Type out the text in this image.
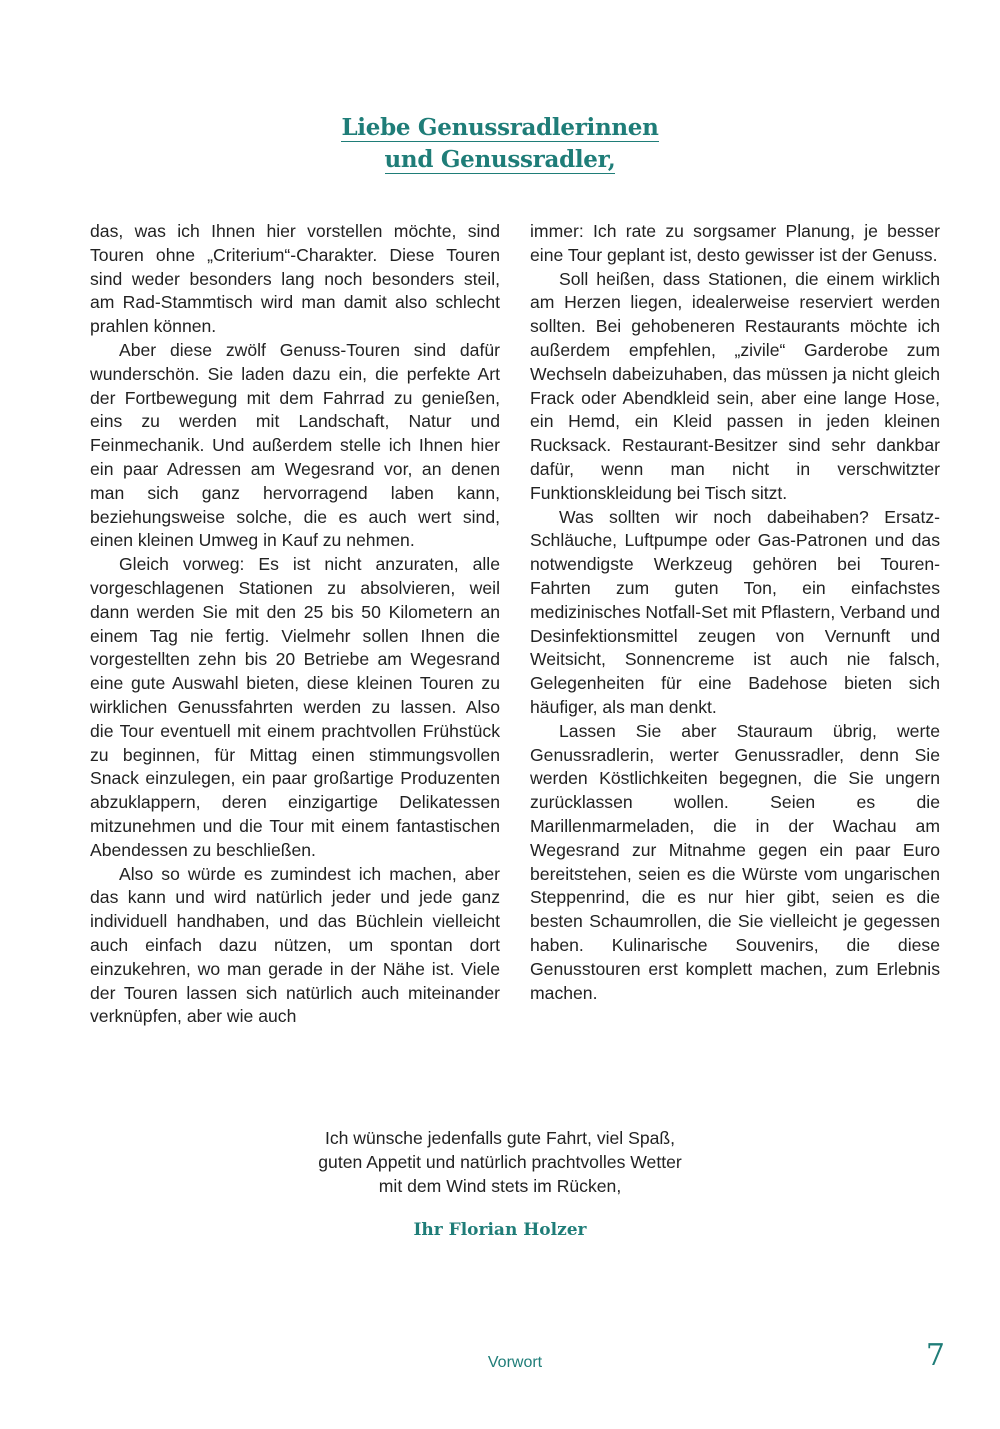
Liebe Genussradlerinnen
und Genussradler,

das, was ich Ihnen hier vorstellen möchte, sind Touren ohne „Criterium“-Charakter. Diese Touren sind weder besonders lang noch besonders steil, am Rad-Stammtisch wird man damit also schlecht prahlen können.

Aber diese zwölf Genuss-Touren sind dafür wunderschön. Sie laden dazu ein, die perfekte Art der Fortbewegung mit dem Fahrrad zu genießen, eins zu werden mit Landschaft, Natur und Feinmechanik. Und außerdem stelle ich Ihnen hier ein paar Adressen am Wegesrand vor, an denen man sich ganz hervorragend laben kann, beziehungsweise solche, die es auch wert sind, einen kleinen Umweg in Kauf zu nehmen.

Gleich vorweg: Es ist nicht anzuraten, alle vorgeschlagenen Stationen zu absolvieren, weil dann werden Sie mit den 25 bis 50 Kilometern an einem Tag nie fertig. Vielmehr sollen Ihnen die vorgestellten zehn bis 20 Betriebe am Wegesrand eine gute Auswahl bieten, diese kleinen Touren zu wirklichen Genussfahrten werden zu lassen. Also die Tour eventuell mit einem prachtvollen Frühstück zu beginnen, für Mittag einen stimmungsvollen Snack einzulegen, ein paar großartige Produzenten abzuklappern, deren einzigartige Delikatessen mitzunehmen und die Tour mit einem fantastischen Abendessen zu beschließen.

Also so würde es zumindest ich machen, aber das kann und wird natürlich jeder und jede ganz individuell handhaben, und das Büchlein vielleicht auch einfach dazu nützen, um spontan dort einzukehren, wo man gerade in der Nähe ist. Viele der Touren lassen sich natürlich auch miteinander verknüpfen, aber wie auch

immer: Ich rate zu sorgsamer Planung, je besser eine Tour geplant ist, desto gewisser ist der Genuss.

Soll heißen, dass Stationen, die einem wirklich am Herzen liegen, idealerweise reserviert werden sollten. Bei gehobeneren Restaurants möchte ich außerdem empfehlen, „zivile“ Garderobe zum Wechseln dabeizuhaben, das müssen ja nicht gleich Frack oder Abendkleid sein, aber eine lange Hose, ein Hemd, ein Kleid passen in jeden kleinen Rucksack. Restaurant-Besitzer sind sehr dankbar dafür, wenn man nicht in verschwitzter Funktionskleidung bei Tisch sitzt.

Was sollten wir noch dabeihaben? Ersatz-Schläuche, Luftpumpe oder Gas-Patronen und das notwendigste Werkzeug gehören bei Touren-Fahrten zum guten Ton, ein einfachstes medizinisches Notfall-Set mit Pflastern, Verband und Desinfektionsmittel zeugen von Vernunft und Weitsicht, Sonnencreme ist auch nie falsch, Gelegenheiten für eine Badehose bieten sich häufiger, als man denkt.

Lassen Sie aber Stauraum übrig, werte Genussradlerin, werter Genussradler, denn Sie werden Köstlichkeiten begegnen, die Sie ungern zurücklassen wollen. Seien es die Marillenmarmeladen, die in der Wachau am Wegesrand zur Mitnahme gegen ein paar Euro bereitstehen, seien es die Würste vom ungarischen Steppenrind, die es nur hier gibt, seien es die besten Schaumrollen, die Sie vielleicht je gegessen haben. Kulinarische Souvenirs, die diese Genusstouren erst komplett machen, zum Erlebnis machen.

Ich wünsche jedenfalls gute Fahrt, viel Spaß,

guten Appetit und natürlich prachtvolles Wetter

mit dem Wind stets im Rücken,

Ihr Florian Holzer
Vorwort	7
